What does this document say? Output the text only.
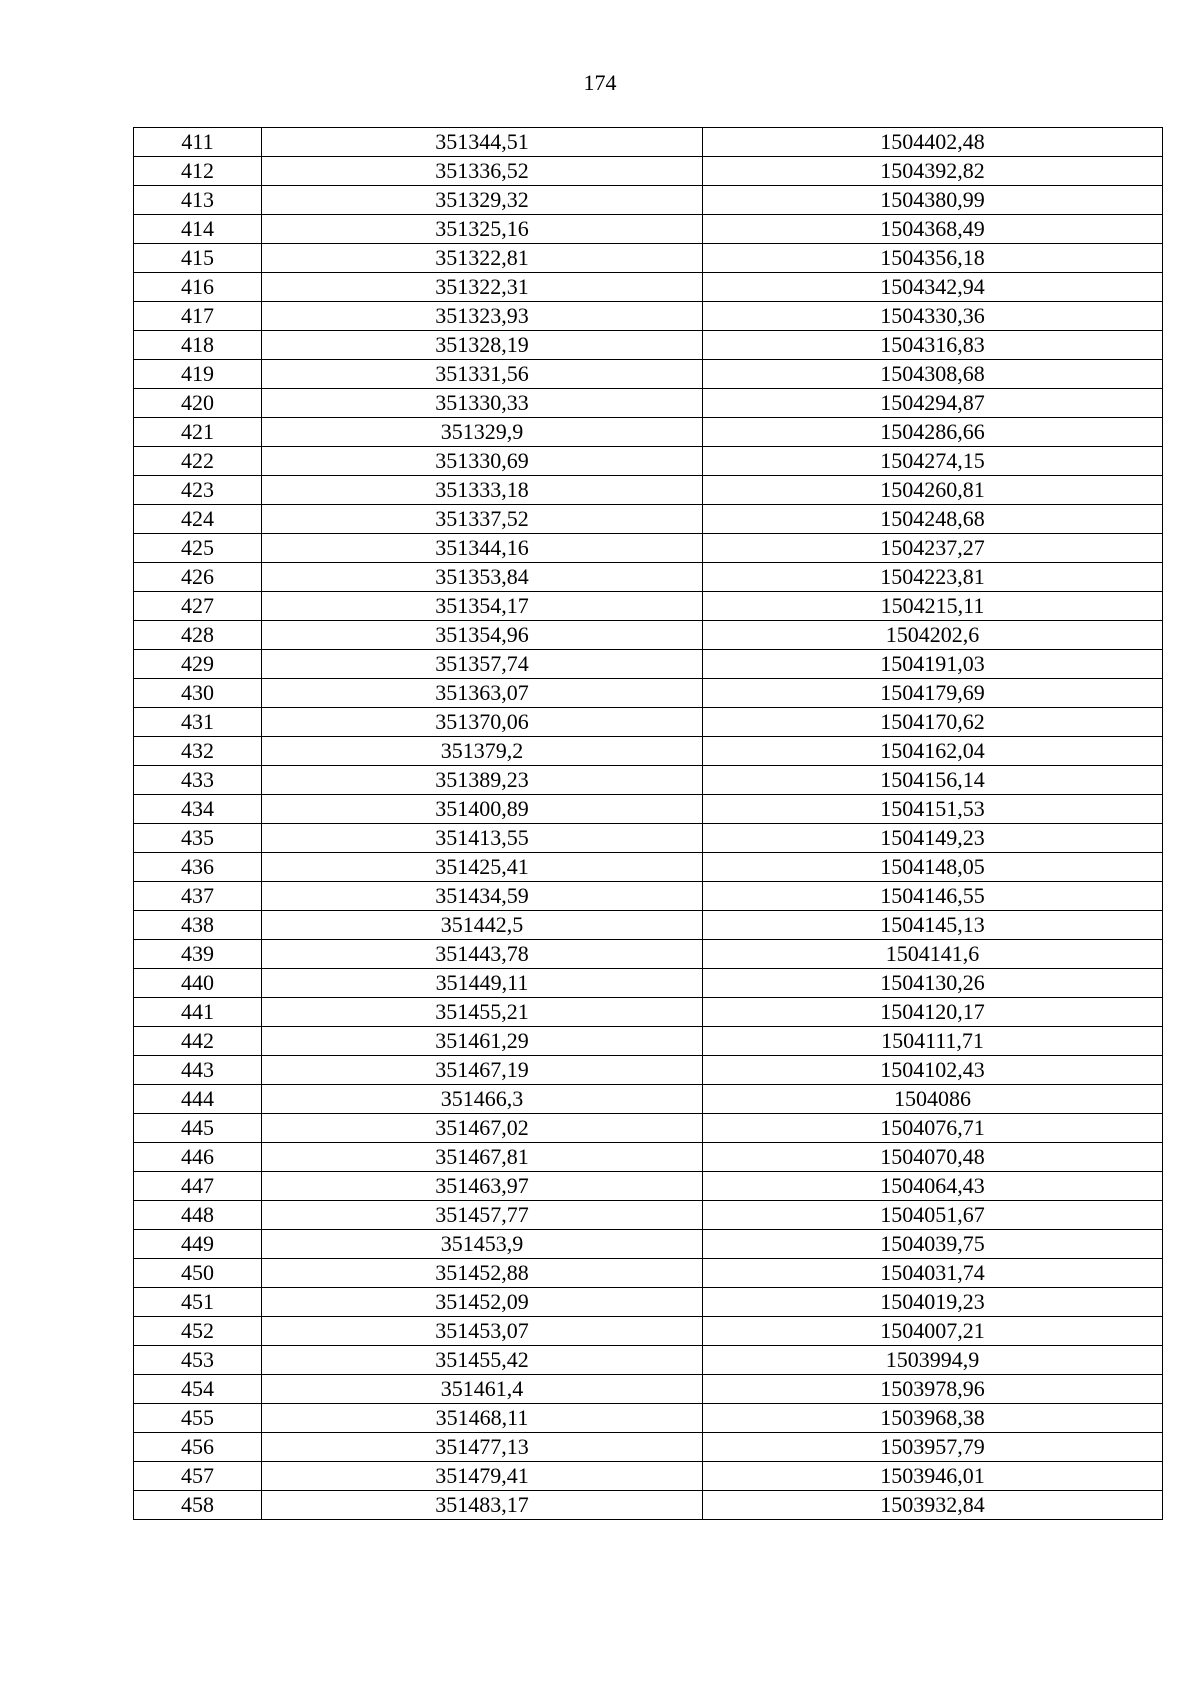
174
411	351344,51	1504402,48
412	351336,52	1504392,82
413	351329,32	1504380,99
414	351325,16	1504368,49
415	351322,81	1504356,18
416	351322,31	1504342,94
417	351323,93	1504330,36
418	351328,19	1504316,83
419	351331,56	1504308,68
420	351330,33	1504294,87
421	351329,9	1504286,66
422	351330,69	1504274,15
423	351333,18	1504260,81
424	351337,52	1504248,68
425	351344,16	1504237,27
426	351353,84	1504223,81
427	351354,17	1504215,11
428	351354,96	1504202,6
429	351357,74	1504191,03
430	351363,07	1504179,69
431	351370,06	1504170,62
432	351379,2	1504162,04
433	351389,23	1504156,14
434	351400,89	1504151,53
435	351413,55	1504149,23
436	351425,41	1504148,05
437	351434,59	1504146,55
438	351442,5	1504145,13
439	351443,78	1504141,6
440	351449,11	1504130,26
441	351455,21	1504120,17
442	351461,29	1504111,71
443	351467,19	1504102,43
444	351466,3	1504086
445	351467,02	1504076,71
446	351467,81	1504070,48
447	351463,97	1504064,43
448	351457,77	1504051,67
449	351453,9	1504039,75
450	351452,88	1504031,74
451	351452,09	1504019,23
452	351453,07	1504007,21
453	351455,42	1503994,9
454	351461,4	1503978,96
455	351468,11	1503968,38
456	351477,13	1503957,79
457	351479,41	1503946,01
458	351483,17	1503932,84
